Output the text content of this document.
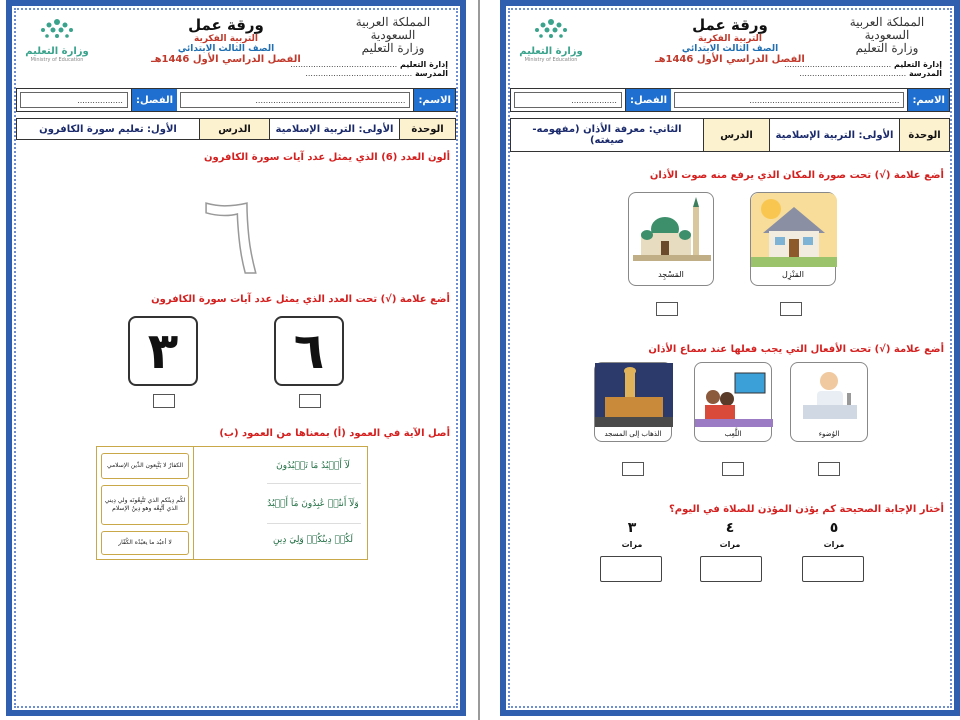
وزارة التعليم
Ministry of Education
ورقة عمل
التربية الفكرية
الصف الثالث الابتدائي
الفصل الدراسي الأول 1446هـ
المملكة العربية السعودية
وزارة التعليم
إدارة التعليم ..........................................
المدرسة ..........................................
الاسم:
...........................................................
الفصل:
..................
الوحدة
الأولى: التربية الإسلامية
الدرس
الأول: تعليم سورة الكافرون
ألون العدد (6) الذي يمثل عدد آيات سورة الكافرون
٦
أضع علامة (√) تحت العدد الذي يمثل عدد آيات سورة الكافرون
٦
٣
أصل الآية في العمود (أ) بمعناها من العمود (ب)
الكفارُ لا يَتَّبِعون الدِّين الإسلامي
لكُم دِينُكم الذي تَتَّبِعُونَه ولي دِيني الذي أتَّبِعُه وهو دِينُ الإسلام
لا أعبُد ما يعبُدُه الكُفّار
لَآ أَعۡبُدُ مَا تَعۡبُدُونَ
وَلَآ أَنتُمۡ عَٰبِدُونَ مَآ أَعۡبُدُ
لَكُمۡ دِينُكُمۡ وَلِيَ دِينِ
وزارة التعليم
Ministry of Education
ورقة عمل
التربية الفكرية
الصف الثالث الابتدائي
الفصل الدراسي الأول 1446هـ
المملكة العربية السعودية
وزارة التعليم
إدارة التعليم ..........................................
المدرسة ..........................................
الاسم:
...........................................................
الفصل:
..................
الوحدة
الأولى: التربية الإسلامية
الدرس
الثاني: معرفة الأذان (مفهومه- صيغته)
أضع علامة (√) تحت صورة المكان الذي يرفع منه صوت الأذان
المَنْزِل
المَسْجِد
أضع علامة (√) تحت الأفعال التي يجب فعلها عند سماع الأذان
الوُضوء
اللَّعِب
الذهاب إلى المسجد
أختار الإجابة الصحيحة كم يؤذن المؤذن للصلاة في اليوم؟
٥
مرات
٤
مرات
٣
مرات
